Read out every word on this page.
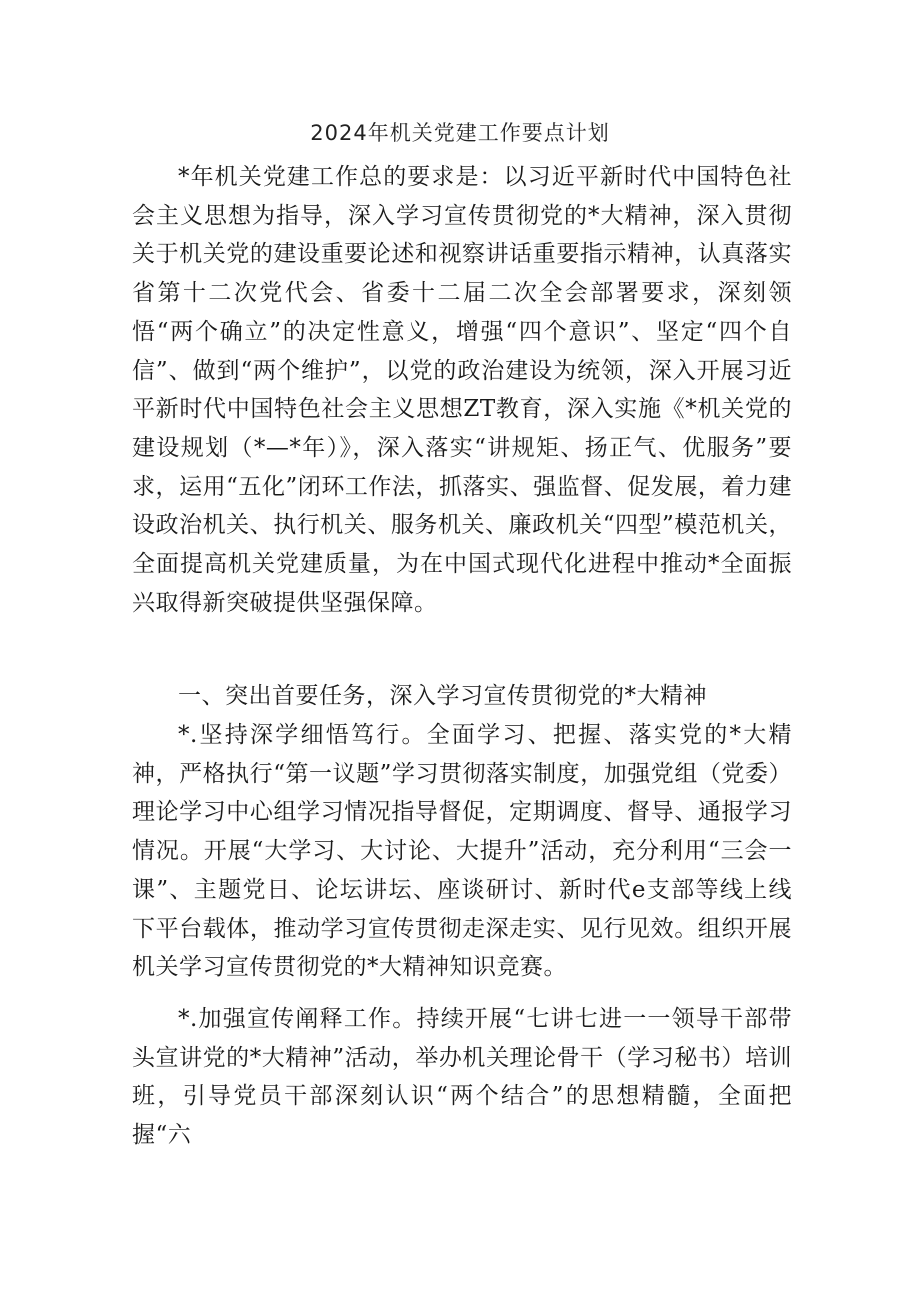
2024年机关党建工作要点计划

*年机关党建工作总的要求是：以习近平新时代中国特色社会主义思想为指导，深入学习宣传贯彻党的*大精神，深入贯彻关于机关党的建设重要论述和视察讲话重要指示精神，认真落实省第十二次党代会、省委十二届二次全会部署要求，深刻领悟“两个确立”的决定性意义，增强“四个意识”、坚定“四个自信”、做到“两个维护”，以党的政治建设为统领，深入开展习近平新时代中国特色社会主义思想ZT教育，深入实施《*机关党的建设规划（*—*年）》，深入落实“讲规矩、扬正气、优服务”要求，运用“五化”闭环工作法，抓落实、强监督、促发展，着力建设政治机关、执行机关、服务机关、廉政机关“四型”模范机关，全面提高机关党建质量，为在中国式现代化进程中推动*全面振兴取得新突破提供坚强保障。

一、突出首要任务，深入学习宣传贯彻党的*大精神

*.坚持深学细悟笃行。全面学习、把握、落实党的*大精神，严格执行“第一议题”学习贯彻落实制度，加强党组（党委）理论学习中心组学习情况指导督促，定期调度、督导、通报学习情况。开展“大学习、大讨论、大提升”活动，充分利用“三会一课”、主题党日、论坛讲坛、座谈研讨、新时代e支部等线上线下平台载体，推动学习宣传贯彻走深走实、见行见效。组织开展机关学习宣传贯彻党的*大精神知识竞赛。

*.加强宣传阐释工作。持续开展“七讲七进一一领导干部带头宣讲党的*大精神”活动，举办机关理论骨干（学习秘书）培训班，引导党员干部深刻认识“两个结合”的思想精髓，全面把握“六
